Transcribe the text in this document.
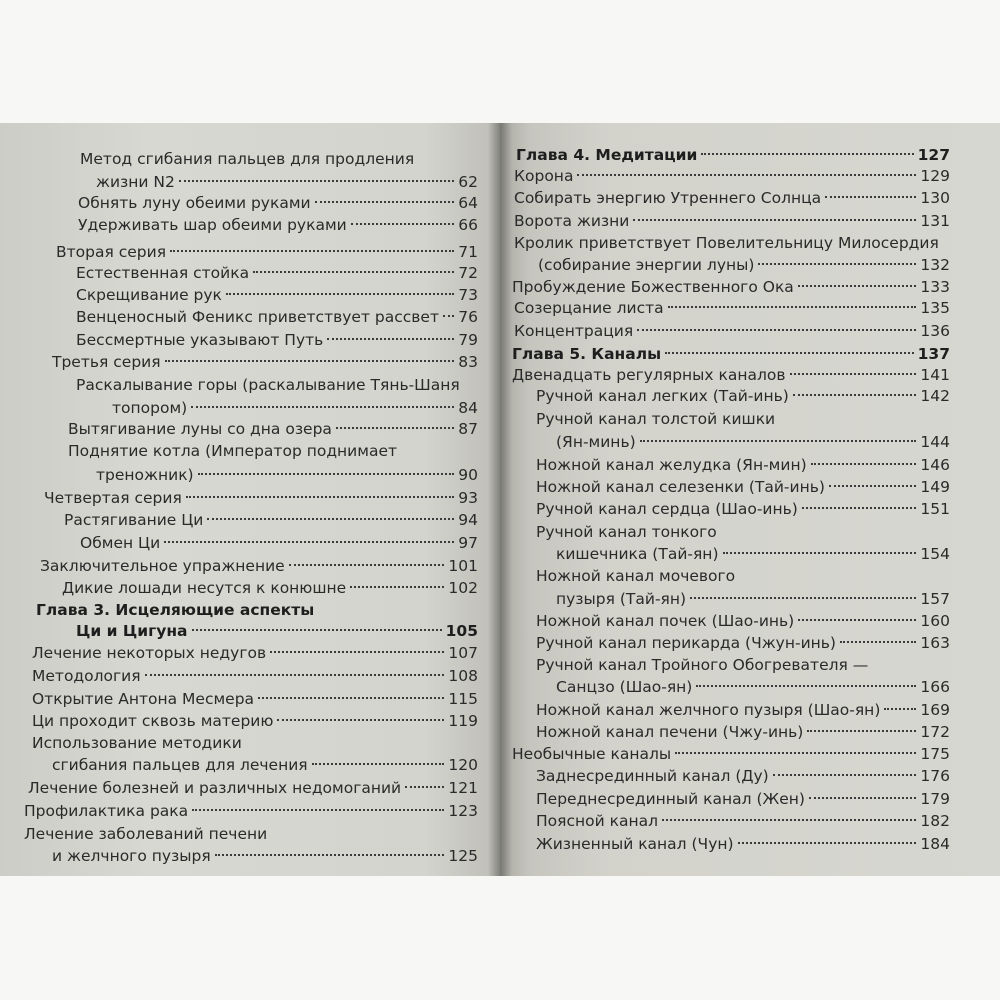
Метод сгибания пальцев для продления
жизни N2	62
Обнять луну обеими руками	64
Удерживать шар обеими руками	66
Вторая серия	71
Естественная стойка	72
Скрещивание рук	73
Венценосный Феникс приветствует рассвет 76
Бессмертные указывают Путь	79
Третья серия	83
Раскалывание горы (раскалывание Тянь-Шаня
топором)	84
Вытягивание луны со дна озера	87
Поднятие котла (Император поднимает
треножник)	90
Четвертая серия	93
Растягивание Ци	94
Обмен Ци	97
Заключительное упражнение	101
Дикие лошади несутся к конюшне	102
Глава 3. Исцеляющие аспекты
Ци и Цигуна	105
Лечение некоторых недугов	107
Методология	108
Открытие Антона Месмера	115
Ци проходит сквозь материю	119
Использование методики
сгибания пальцев для лечения	120
Лечение болезней и различных недомоганий	121
Профилактика рака	123
Лечение заболеваний печени
и желчного пузыря	125
Глава 4. Медитации	127
Корона	129
Собирать энергию Утреннего Солнца	130
Ворота жизни	131
Кролик приветствует Повелительницу Милосердия
(собирание энергии луны)	132
Пробуждение Божественного Ока	133
Созерцание листа	135
Концентрация	136
Глава 5. Каналы	137
Двенадцать регулярных каналов	141
Ручной канал легких (Тай-инь)	142
Ручной канал толстой кишки
(Ян-минь)	144
Ножной канал желудка (Ян-мин)	146
Ножной канал селезенки (Тай-инь)	149
Ручной канал сердца (Шао-инь)	151
Ручной канал тонкого
кишечника (Тай-ян)	154
Ножной канал мочевого
пузыря (Тай-ян)	157
Ножной канал почек (Шао-инь)	160
Ручной канал перикарда (Чжун-инь)	163
Ручной канал Тройного Обогревателя —
Санцзо (Шао-ян)	166
Ножной канал желчного пузыря (Шао-ян)	169
Ножной канал печени (Чжу-инь)	172
Необычные каналы	175
Заднесрединный канал (Ду)	176
Переднесрединный канал (Жен)	179
Поясной канал	182
Жизненный канал (Чун)	184
